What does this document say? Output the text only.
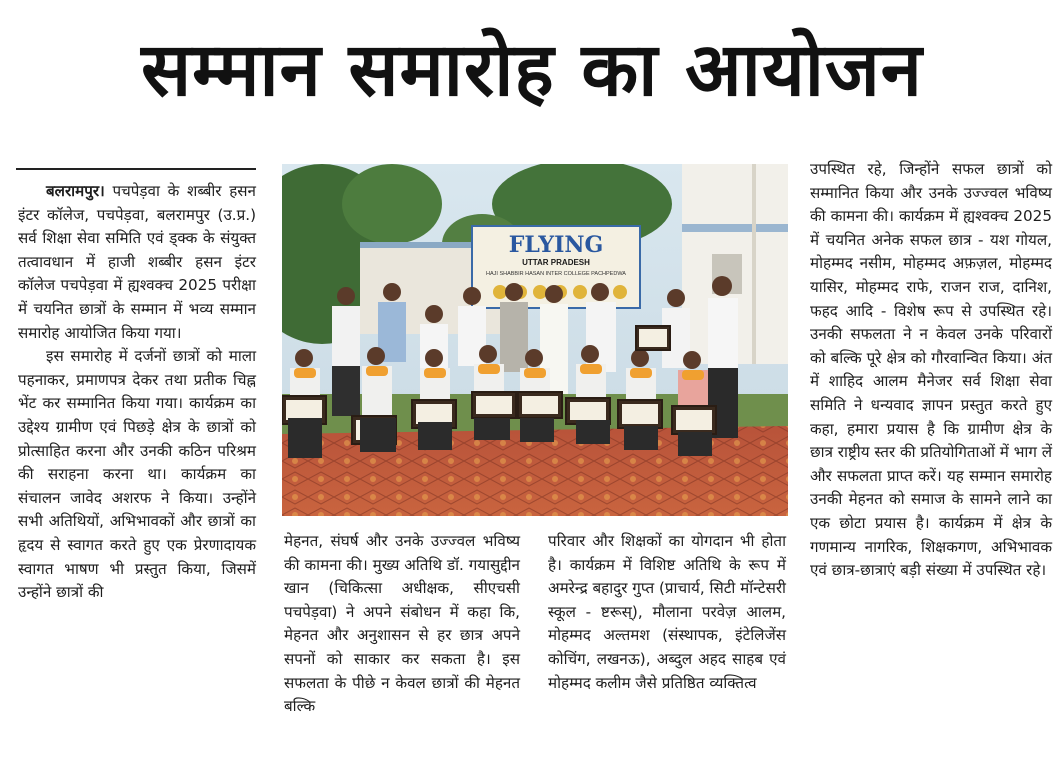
सम्मान समारोह का आयोजन

बलरामपुर। पचपेड़वा के शब्बीर हसन इंटर कॉलेज, पचपेड़वा, बलरामपुर (उ.प्र.) सर्व शिक्षा सेवा समिति एवं ड्क्क के संयुक्त तत्वावधान में हाजी शब्बीर हसन इंटर कॉलेज पचपेड़वा में ह्यश्वक्च 2025 परीक्षा में चयनित छात्रों के सम्मान में भव्य सम्मान समारोह आयोजित किया गया।

इस समारोह में दर्जनों छात्रों को माला पहनाकर, प्रमाणपत्र देकर तथा प्रतीक चिह्न भेंट कर सम्मानित किया गया। कार्यक्रम का उद्देश्य ग्रामीण एवं पिछड़े क्षेत्र के छात्रों को प्रोत्साहित करना और उनकी कठिन परिश्रम की सराहना करना था। कार्यक्रम का संचालन जावेद अशरफ ने किया। उन्होंने सभी अतिथियों, अभिभावकों और छात्रों का हृदय से स्वागत करते हुए एक प्रेरणादायक स्वागत भाषण भी प्रस्तुत किया, जिसमें उन्होंने छात्रों की

FLYING
UTTAR PRADESH
HAJI SHABBIR HASAN INTER COLLEGE PACHPEDWA

मेहनत, संघर्ष और उनके उज्ज्वल भविष्य की कामना की। मुख्य अतिथि डॉ. गयासुद्दीन खान (चिकित्सा अधीक्षक, सीएचसी पचपेड़वा) ने अपने संबोधन में कहा कि, मेहनत और अनुशासन से हर छात्र अपने सपनों को साकार कर सकता है। इस सफलता के पीछे न केवल छात्रों की मेहनत बल्कि

परिवार और शिक्षकों का योगदान भी होता है। कार्यक्रम में विशिष्ट अतिथि के रूप में अमरेन्द्र बहादुर गुप्त (प्राचार्य, सिटी मॉन्टेसरी स्कूल - ष्टरूस्), मौलाना परवेज़ आलम, मोहम्मद अल्तमश (संस्थापक, इंटेलिजेंस कोचिंग, लखनऊ), अब्दुल अहद साहब एवं मोहम्मद कलीम जैसे प्रतिष्ठित व्यक्तित्व

उपस्थित रहे, जिन्होंने सफल छात्रों को सम्मानित किया और उनके उज्ज्वल भविष्य की कामना की। कार्यक्रम में ह्यश्वक्च 2025 में चयनित अनेक सफल छात्र - यश गोयल, मोहम्मद नसीम, मोहम्मद अफ़ज़ल, मोहम्मद यासिर, मोहम्मद राफे, राजन राज, दानिश, फहद आदि - विशेष रूप से उपस्थित रहे। उनकी सफलता ने न केवल उनके परिवारों को बल्कि पूरे क्षेत्र को गौरवान्वित किया। अंत में शाहिद आलम मैनेजर सर्व शिक्षा सेवा समिति ने धन्यवाद ज्ञापन प्रस्तुत करते हुए कहा, हमारा प्रयास है कि ग्रामीण क्षेत्र के छात्र राष्ट्रीय स्तर की प्रतियोगिताओं में भाग लें और सफलता प्राप्त करें। यह सम्मान समारोह उनकी मेहनत को समाज के सामने लाने का एक छोटा प्रयास है। कार्यक्रम में क्षेत्र के गणमान्य नागरिक, शिक्षकगण, अभिभावक एवं छात्र-छात्राएं बड़ी संख्या में उपस्थित रहे।
